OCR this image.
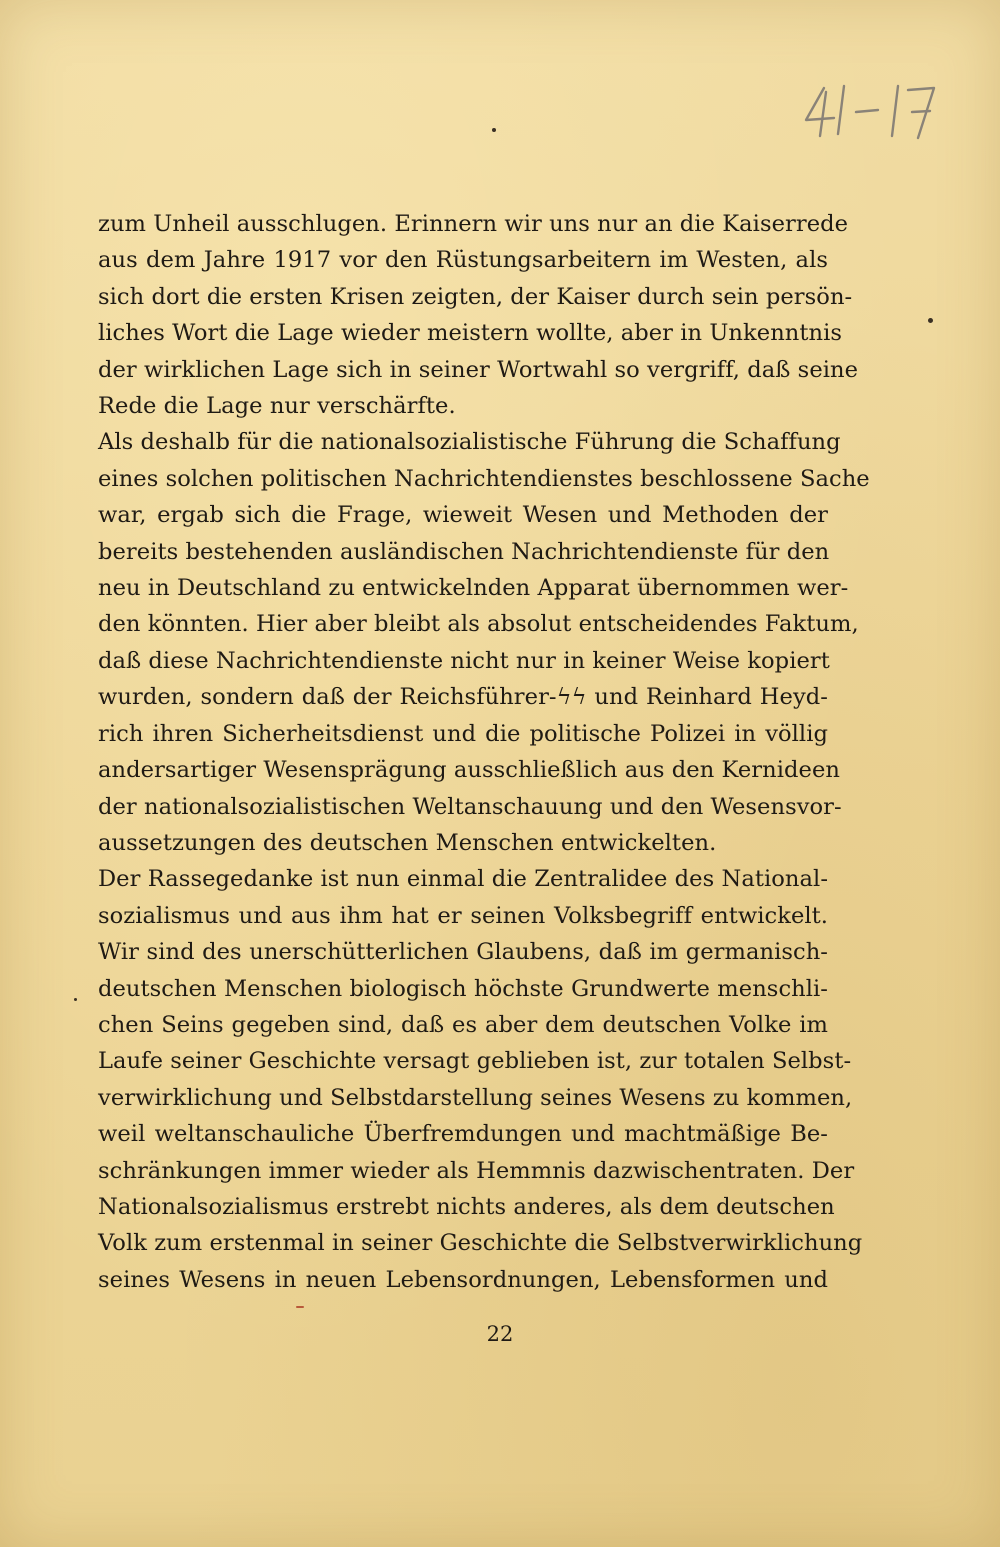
zum Unheil ausschlugen. Erinnern wir uns nur an die Kaiserrede
aus dem Jahre 1917 vor den Rüstungsarbeitern im Westen, als
sich dort die ersten Krisen zeigten, der Kaiser durch sein persön-
liches Wort die Lage wieder meistern wollte, aber in Unkenntnis
der wirklichen Lage sich in seiner Wortwahl so vergriff, daß seine
Rede die Lage nur verschärfte.
Als deshalb für die nationalsozialistische Führung die Schaffung
eines solchen politischen Nachrichtendienstes beschlossene Sache
war, ergab sich die Frage, wieweit Wesen und Methoden der
bereits bestehenden ausländischen Nachrichtendienste für den
neu in Deutschland zu entwickelnden Apparat übernommen wer-
den könnten. Hier aber bleibt als absolut entscheidendes Faktum,
daß diese Nachrichtendienste nicht nur in keiner Weise kopiert
wurden, sondern daß der Reichsführer-ϟϟ und Reinhard Heyd-
rich ihren Sicherheitsdienst und die politische Polizei in völlig
andersartiger Wesensprägung ausschließlich aus den Kernideen
der nationalsozialistischen Weltanschauung und den Wesensvor-
aussetzungen des deutschen Menschen entwickelten.
Der Rassegedanke ist nun einmal die Zentralidee des National-
sozialismus und aus ihm hat er seinen Volksbegriff entwickelt.
Wir sind des unerschütterlichen Glaubens, daß im germanisch-
deutschen Menschen biologisch höchste Grundwerte menschli-
chen Seins gegeben sind, daß es aber dem deutschen Volke im
Laufe seiner Geschichte versagt geblieben ist, zur totalen Selbst-
verwirklichung und Selbstdarstellung seines Wesens zu kommen,
weil weltanschauliche Überfremdungen und machtmäßige Be-
schränkungen immer wieder als Hemmnis dazwischentraten. Der
Nationalsozialismus erstrebt nichts anderes, als dem deutschen
Volk zum erstenmal in seiner Geschichte die Selbstverwirklichung
seines Wesens in neuen Lebensordnungen, Lebensformen und
22
